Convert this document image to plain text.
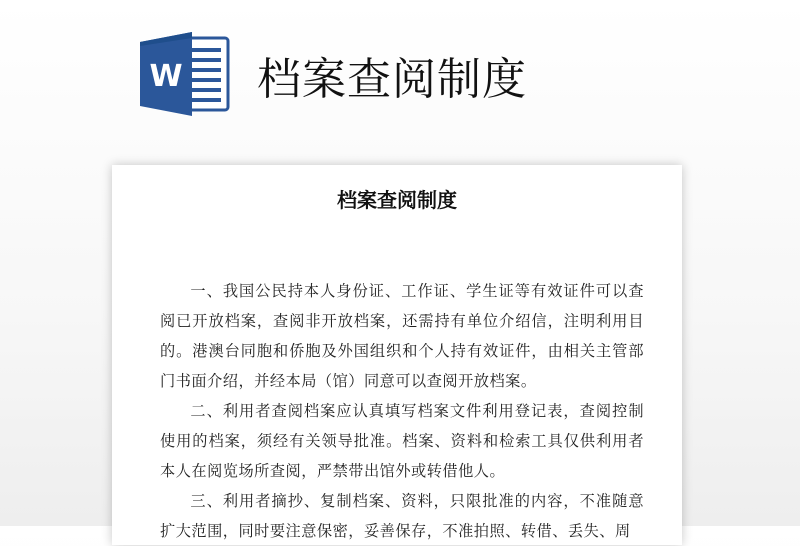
W 档案查阅制度
档案查阅制度

一、我国公民持本人身份证、工作证、学生证等有效证件可以查阅已开放档案，查阅非开放档案，还需持有单位介绍信，注明利用目的。港澳台同胞和侨胞及外国组织和个人持有效证件，由相关主管部门书面介绍，并经本局（馆）同意可以查阅开放档案。

二、利用者查阅档案应认真填写档案文件利用登记表，查阅控制使用的档案，须经有关领导批准。档案、资料和检索工具仅供利用者本人在阅览场所查阅，严禁带出馆外或转借他人。

三、利用者摘抄、复制档案、资料，只限批准的内容，不准随意扩大范围，同时要注意保密，妥善保存，不准拍照、转借、丢失、周
